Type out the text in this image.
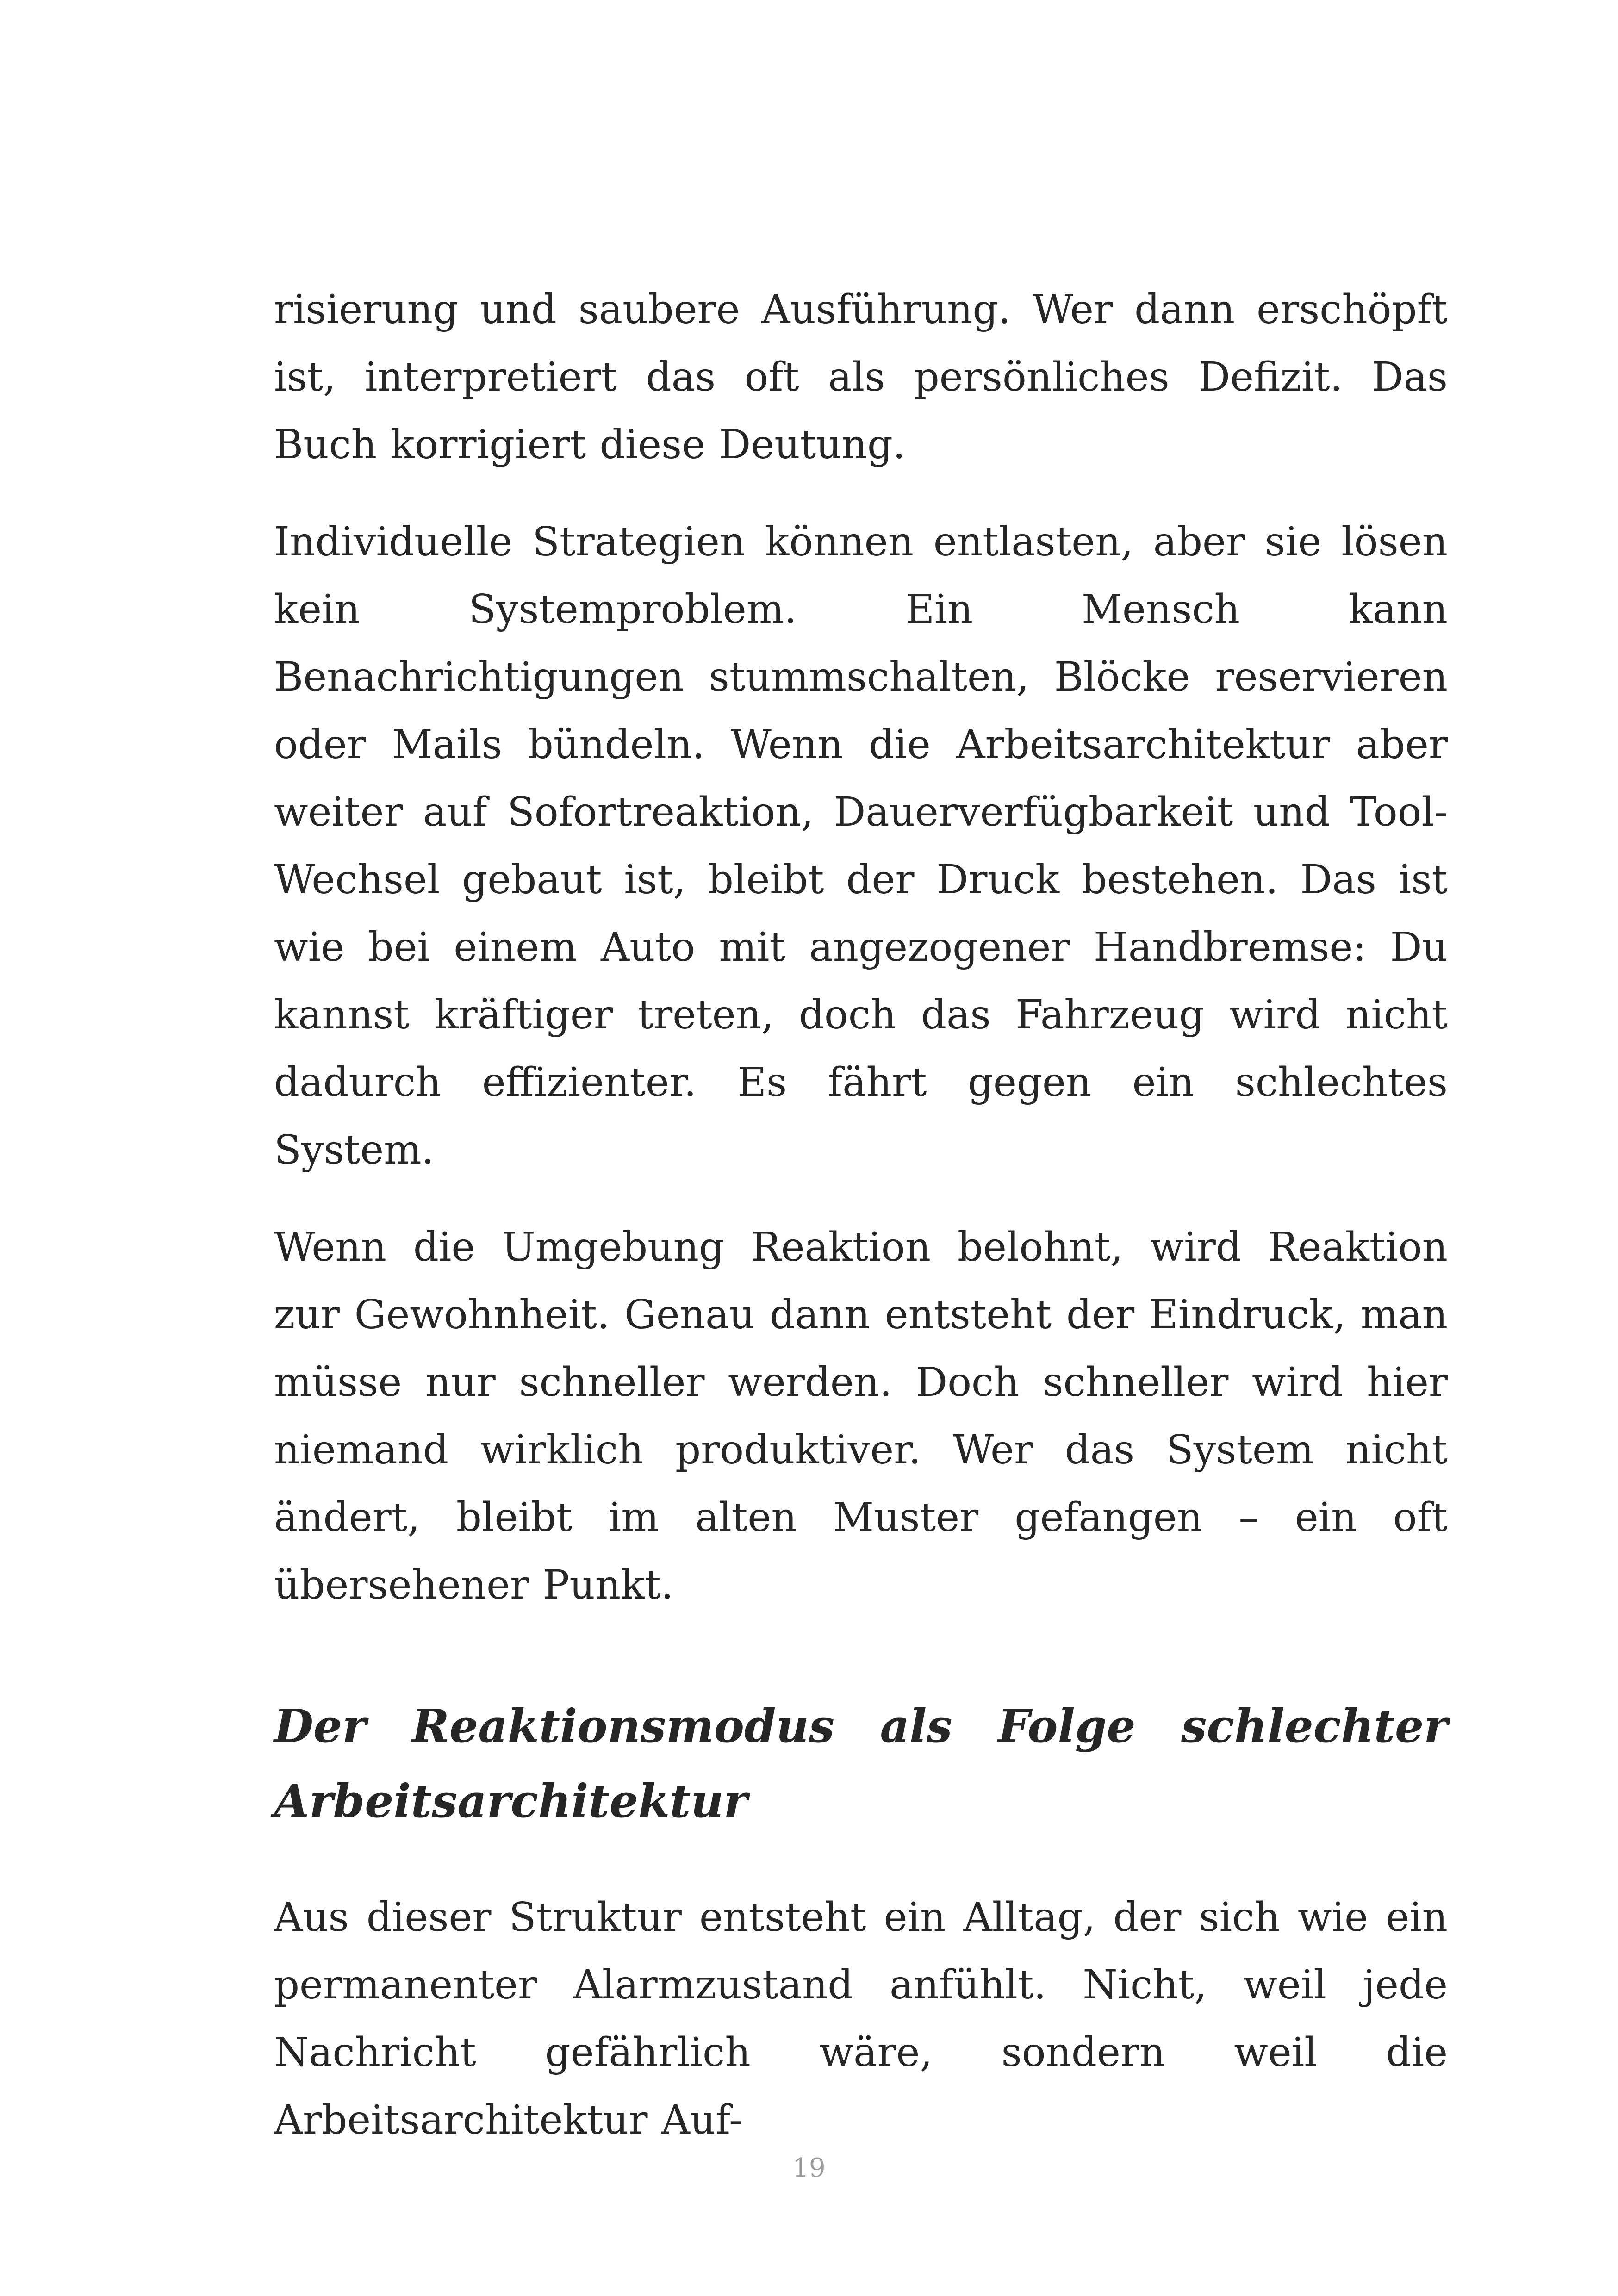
risierung und saubere Ausführung. Wer dann erschöpft ist, interpretiert das oft als persönliches Defizit. Das Buch korrigiert diese Deutung.

Individuelle Strategien können entlasten, aber sie lösen kein Systemproblem. Ein Mensch kann Benachrichtigungen stummschalten, Blöcke reservieren oder Mails bündeln. Wenn die Arbeitsarchitektur aber weiter auf Sofortreaktion, Dauerverfügbarkeit und Tool-Wechsel gebaut ist, bleibt der Druck bestehen. Das ist wie bei einem Auto mit angezogener Handbremse: Du kannst kräftiger treten, doch das Fahrzeug wird nicht dadurch effizienter. Es fährt gegen ein schlechtes System.

Wenn die Umgebung Reaktion belohnt, wird Reaktion zur Gewohnheit. Genau dann entsteht der Eindruck, man müsse nur schneller werden. Doch schneller wird hier niemand wirklich produktiver. Wer das System nicht ändert, bleibt im alten Muster gefangen – ein oft übersehener Punkt.

Der Reaktionsmodus als Folge schlechter Arbeitsarchitektur

Aus dieser Struktur entsteht ein Alltag, der sich wie ein permanenter Alarmzustand anfühlt. Nicht, weil jede Nachricht gefährlich wäre, sondern weil die Arbeitsarchitektur Auf-

19
